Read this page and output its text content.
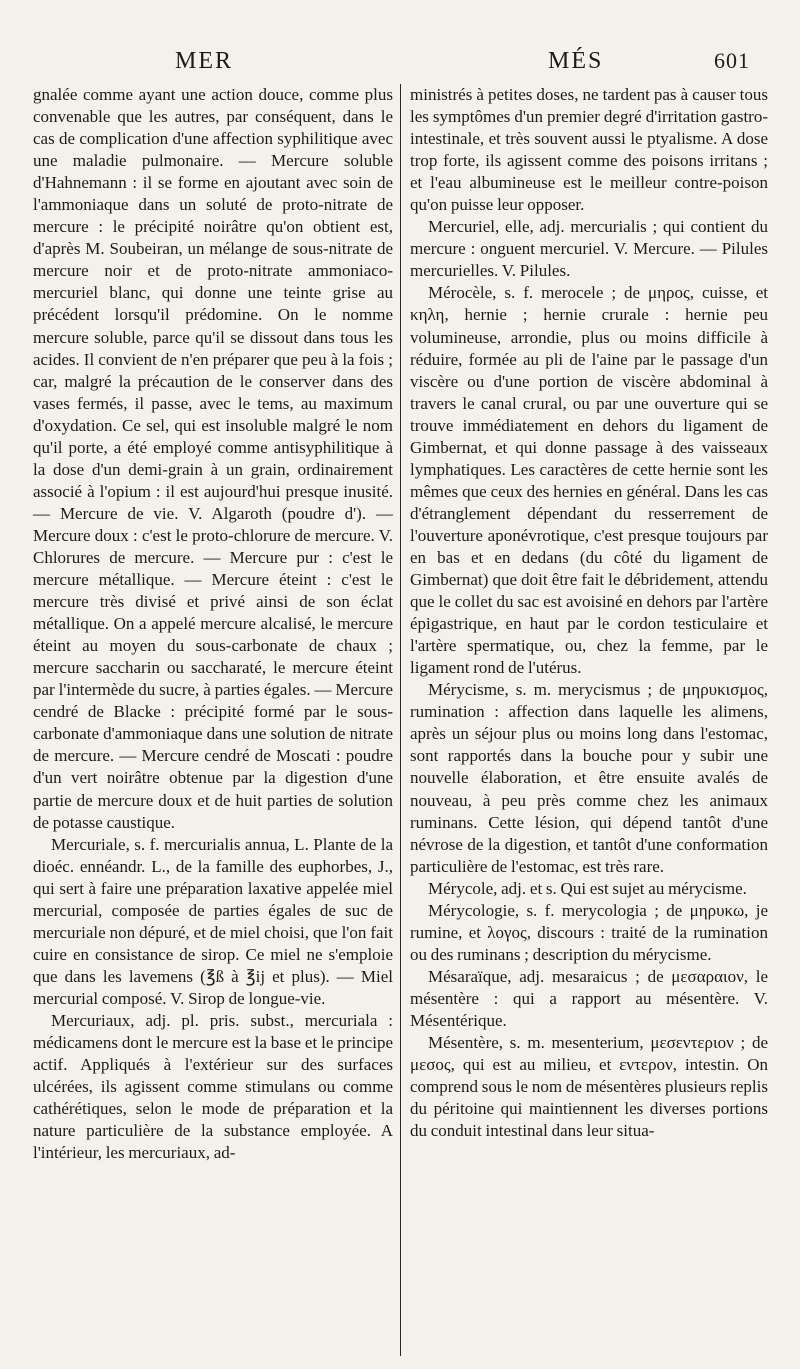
MER	MÉS	601

gnalée comme ayant une action douce, comme plus convenable que les autres, par conséquent, dans le cas de complication d'une affection syphilitique avec une maladie pulmonaire. — Mercure soluble d'Hahnemann : il se forme en ajoutant avec soin de l'ammoniaque dans un soluté de proto-nitrate de mercure : le précipité noirâtre qu'on obtient est, d'après M. Soubeiran, un mélange de sous-nitrate de mercure noir et de proto-nitrate ammoniaco-mercuriel blanc, qui donne une teinte grise au précédent lorsqu'il prédomine. On le nomme mercure soluble, parce qu'il se dissout dans tous les acides. Il convient de n'en préparer que peu à la fois ; car, malgré la précaution de le conserver dans des vases fermés, il passe, avec le tems, au maximum d'oxydation. Ce sel, qui est insoluble malgré le nom qu'il porte, a été employé comme antisyphilitique à la dose d'un demi-grain à un grain, ordinairement associé à l'opium : il est aujourd'hui presque inusité. — Mercure de vie. V. Algaroth (poudre d'). — Mercure doux : c'est le proto-chlorure de mercure. V. Chlorures de mercure. — Mercure pur : c'est le mercure métallique. — Mercure éteint : c'est le mercure très divisé et privé ainsi de son éclat métallique. On a appelé mercure alcalisé, le mercure éteint au moyen du sous-carbonate de chaux ; mercure saccharin ou saccharaté, le mercure éteint par l'intermède du sucre, à parties égales. — Mercure cendré de Blacke : précipité formé par le sous-carbonate d'ammoniaque dans une solution de nitrate de mercure. — Mercure cendré de Moscati : poudre d'un vert noirâtre obtenue par la digestion d'une partie de mercure doux et de huit parties de solution de potasse caustique.

Mercuriale, s. f. mercurialis annua, L. Plante de la dioéc. ennéandr. L., de la famille des euphorbes, J., qui sert à faire une préparation laxative appelée miel mercurial, composée de parties égales de suc de mercuriale non dépuré, et de miel choisi, que l'on fait cuire en consistance de sirop. Ce miel ne s'emploie que dans les lavemens (℥ß à ℥ij et plus). — Miel mercurial composé. V. Sirop de longue-vie.

Mercuriaux, adj. pl. pris. subst., mercuriala : médicamens dont le mercure est la base et le principe actif. Appliqués à l'extérieur sur des surfaces ulcérées, ils agissent comme stimulans ou comme cathérétiques, selon le mode de préparation et la nature particulière de la substance employée. A l'intérieur, les mercuriaux, ad-

ministrés à petites doses, ne tardent pas à causer tous les symptômes d'un premier degré d'irritation gastro-intestinale, et très souvent aussi le ptyalisme. A dose trop forte, ils agissent comme des poisons irritans ; et l'eau albumineuse est le meilleur contre-poison qu'on puisse leur opposer.

Mercuriel, elle, adj. mercurialis ; qui contient du mercure : onguent mercuriel. V. Mercure. — Pilules mercurielles. V. Pilules.

Mérocèle, s. f. merocele ; de μηρος, cuisse, et κηλη, hernie ; hernie crurale : hernie peu volumineuse, arrondie, plus ou moins difficile à réduire, formée au pli de l'aine par le passage d'un viscère ou d'une portion de viscère abdominal à travers le canal crural, ou par une ouverture qui se trouve immédiatement en dehors du ligament de Gimbernat, et qui donne passage à des vaisseaux lymphatiques. Les caractères de cette hernie sont les mêmes que ceux des hernies en général. Dans les cas d'étranglement dépendant du resserrement de l'ouverture aponévrotique, c'est presque toujours par en bas et en dedans (du côté du ligament de Gimbernat) que doit être fait le débridement, attendu que le collet du sac est avoisiné en dehors par l'artère épigastrique, en haut par le cordon testiculaire et l'artère spermatique, ou, chez la femme, par le ligament rond de l'utérus.

Mérycisme, s. m. merycismus ; de μηρυκισμος, rumination : affection dans laquelle les alimens, après un séjour plus ou moins long dans l'estomac, sont rapportés dans la bouche pour y subir une nouvelle élaboration, et être ensuite avalés de nouveau, à peu près comme chez les animaux ruminans. Cette lésion, qui dépend tantôt d'une névrose de la digestion, et tantôt d'une conformation particulière de l'estomac, est très rare.

Mérycole, adj. et s. Qui est sujet au mérycisme.

Mérycologie, s. f. merycologia ; de μηρυκω, je rumine, et λογος, discours : traité de la rumination ou des ruminans ; description du mérycisme.

Mésaraïque, adj. mesaraicus ; de μεσαραιον, le mésentère : qui a rapport au mésentère. V. Mésentérique.

Mésentère, s. m. mesenterium, μεσεντεριον ; de μεσος, qui est au milieu, et εντερον, intestin. On comprend sous le nom de mésentères plusieurs replis du péritoine qui maintiennent les diverses portions du conduit intestinal dans leur situa-
